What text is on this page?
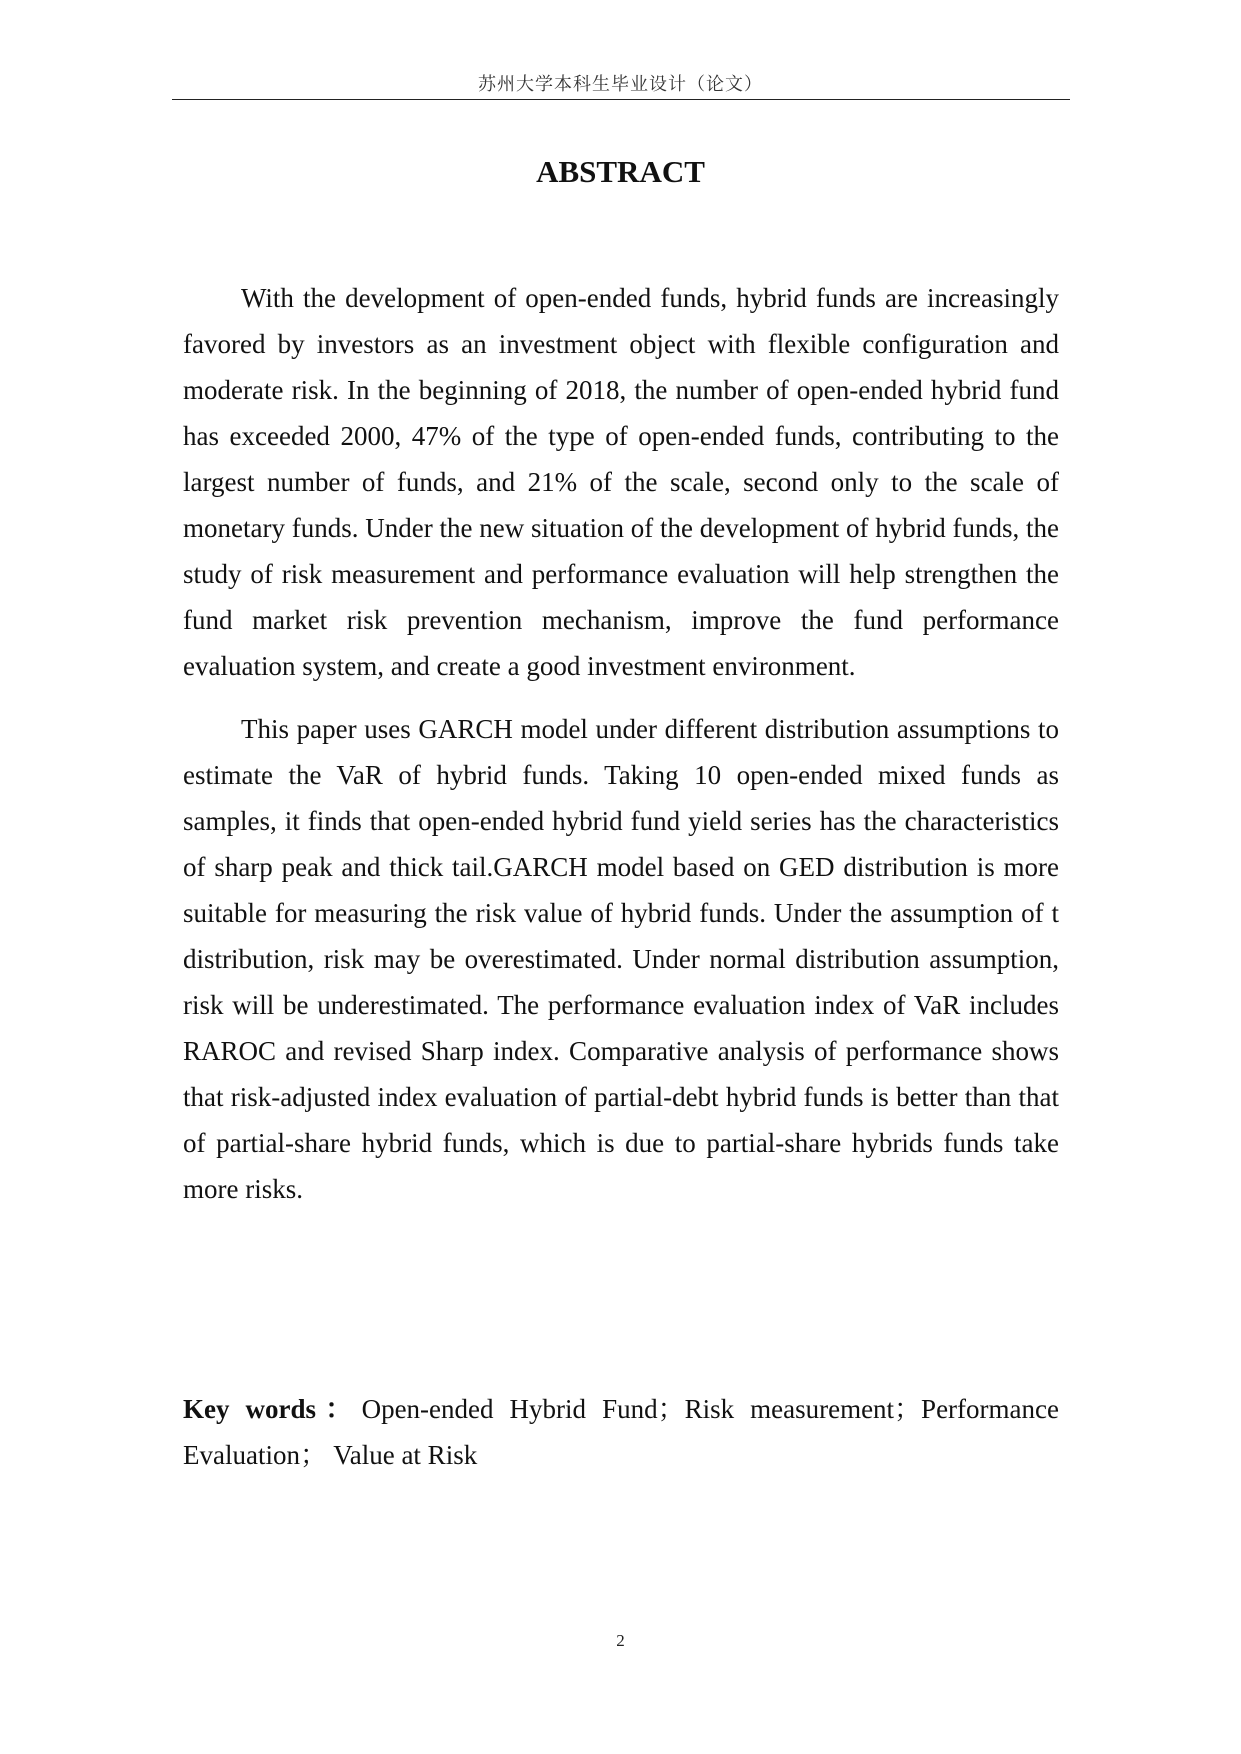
苏州大学本科生毕业设计（论文）
ABSTRACT

With the development of open-ended funds, hybrid funds are increasingly favored by investors as an investment object with flexible configuration and moderate risk. In the beginning of 2018, the number of open-ended hybrid fund has exceeded 2000, 47% of the type of open-ended funds, contributing to the largest number of funds, and 21% of the scale, second only to the scale of monetary funds. Under the new situation of the development of hybrid funds, the study of risk measurement and performance evaluation will help strengthen the fund market risk prevention mechanism, improve the fund performance evaluation system, and create a good investment environment.

This paper uses GARCH model under different distribution assumptions to estimate the VaR of hybrid funds. Taking 10 open-ended mixed funds as samples, it finds that open-ended hybrid fund yield series has the characteristics of sharp peak and thick tail.GARCH model based on GED distribution is more suitable for measuring the risk value of hybrid funds. Under the assumption of t distribution, risk may be overestimated. Under normal distribution assumption, risk will be underestimated. The performance evaluation index of VaR includes RAROC and revised Sharp index. Comparative analysis of performance shows that risk-adjusted index evaluation of partial-debt hybrid funds is better than that of partial-share hybrid funds, which is due to partial-share hybrids funds take more risks.

Key words：Open-ended Hybrid Fund；Risk measurement；Performance Evaluation； Value at Risk

2
